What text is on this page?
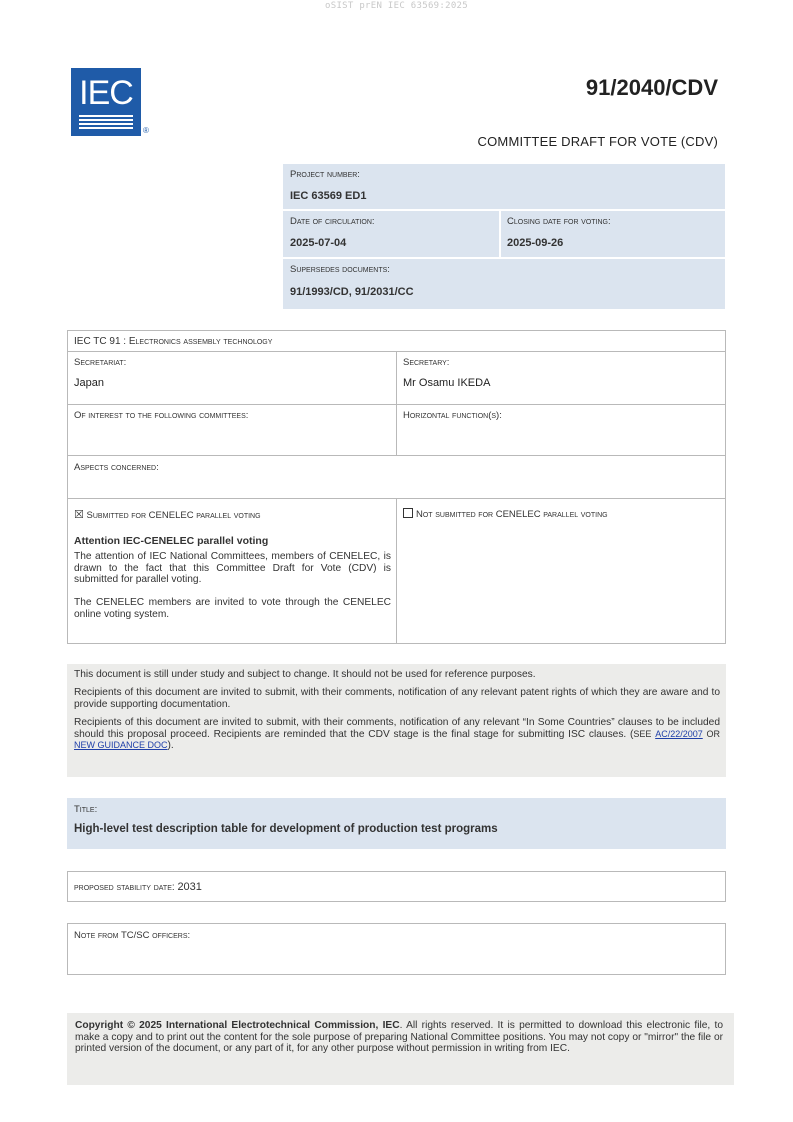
oSIST prEN IEC 63569:2025
IEC
®
91/2040/CDV
COMMITTEE DRAFT FOR VOTE (CDV)
Project number:
IEC 63569 ED1
Date of circulation:
2025-07-04
Closing date for voting:
2025-09-26
Supersedes documents:
91/1993/CD, 91/2031/CC
IEC TC 91 : Electronics assembly technology
Secretariat:
Japan
Secretary:
Mr Osamu IKEDA
Of interest to the following committees:	Horizontal function(s):
Aspects concerned:
☒ Submitted for CENELEC parallel voting
Attention IEC-CENELEC parallel voting
The attention of IEC National Committees, members of CENELEC, is drawn to the fact that this Committee Draft for Vote (CDV) is submitted for parallel voting.
The CENELEC members are invited to vote through the CENELEC online voting system.
Not submitted for CENELEC parallel voting
This document is still under study and subject to change. It should not be used for reference purposes.
Recipients of this document are invited to submit, with their comments, notification of any relevant patent rights of which they are aware and to provide supporting documentation.
Recipients of this document are invited to submit, with their comments, notification of any relevant “In Some Countries” clauses to be included should this proposal proceed. Recipients are reminded that the CDV stage is the final stage for submitting ISC clauses. (SEE AC/22/2007 OR NEW GUIDANCE DOC).
Title:
High-level test description table for development of production test programs
proposed stability date: 2031
Note from TC/SC officers:
Copyright © 2025 International Electrotechnical Commission, IEC. All rights reserved. It is permitted to download this electronic file, to make a copy and to print out the content for the sole purpose of preparing National Committee positions. You may not copy or "mirror" the file or printed version of the document, or any part of it, for any other purpose without permission in writing from IEC.
